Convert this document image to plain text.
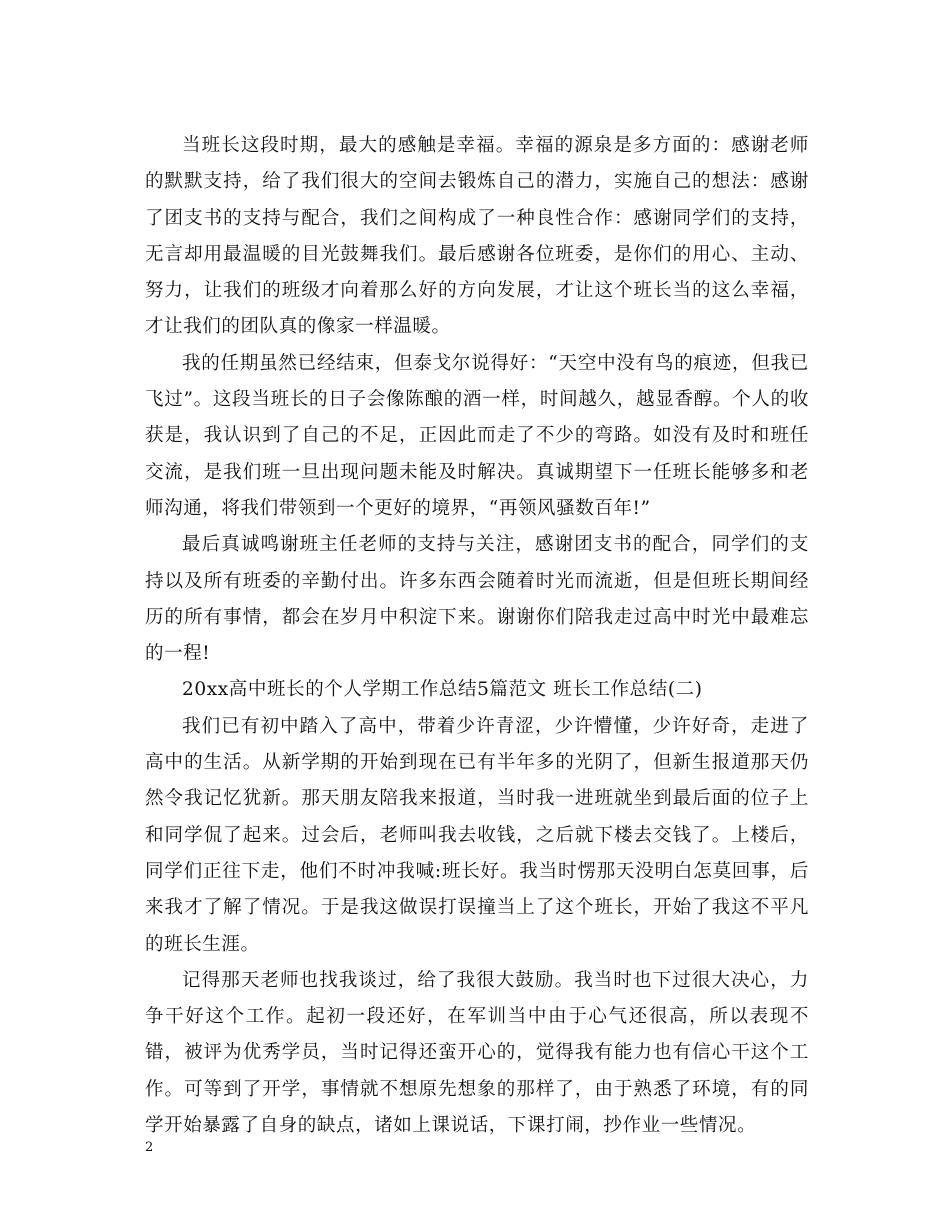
当班长这段时期，最大的感触是幸福。幸福的源泉是多方面的：感谢老师的默默支持，给了我们很大的空间去锻炼自己的潜力，实施自己的想法：感谢了团支书的支持与配合，我们之间构成了一种良性合作：感谢同学们的支持，无言却用最温暖的目光鼓舞我们。最后感谢各位班委，是你们的用心、主动、努力，让我们的班级才向着那么好的方向发展，才让这个班长当的这么幸福，才让我们的团队真的像家一样温暖。

我的任期虽然已经结束，但泰戈尔说得好：“天空中没有鸟的痕迹，但我已飞过”。这段当班长的日子会像陈酿的酒一样，时间越久，越显香醇。个人的收获是，我认识到了自己的不足，正因此而走了不少的弯路。如没有及时和班任交流，是我们班一旦出现问题未能及时解决。真诚期望下一任班长能够多和老师沟通，将我们带领到一个更好的境界，“再领风骚数百年!”

最后真诚鸣谢班主任老师的支持与关注，感谢团支书的配合，同学们的支持以及所有班委的辛勤付出。许多东西会随着时光而流逝，但是但班长期间经历的所有事情，都会在岁月中积淀下来。谢谢你们陪我走过高中时光中最难忘的一程!

20xx高中班长的个人学期工作总结5篇范文 班长工作总结(二)

我们已有初中踏入了高中，带着少许青涩，少许懵懂，少许好奇，走进了高中的生活。从新学期的开始到现在已有半年多的光阴了，但新生报道那天仍然令我记忆犹新。那天朋友陪我来报道，当时我一进班就坐到最后面的位子上和同学侃了起来。过会后，老师叫我去收钱，之后就下楼去交钱了。上楼后，同学们正往下走，他们不时冲我喊:班长好。我当时愣那天没明白怎莫回事，后来我才了解了情况。于是我这做误打误撞当上了这个班长，开始了我这不平凡的班长生涯。

记得那天老师也找我谈过，给了我很大鼓励。我当时也下过很大决心，力争干好这个工作。起初一段还好，在军训当中由于心气还很高，所以表现不错，被评为优秀学员，当时记得还蛮开心的，觉得我有能力也有信心干这个工作。可等到了开学，事情就不想原先想象的那样了，由于熟悉了环境，有的同学开始暴露了自身的缺点，诸如上课说话，下课打闹，抄作业一些情况。

2
